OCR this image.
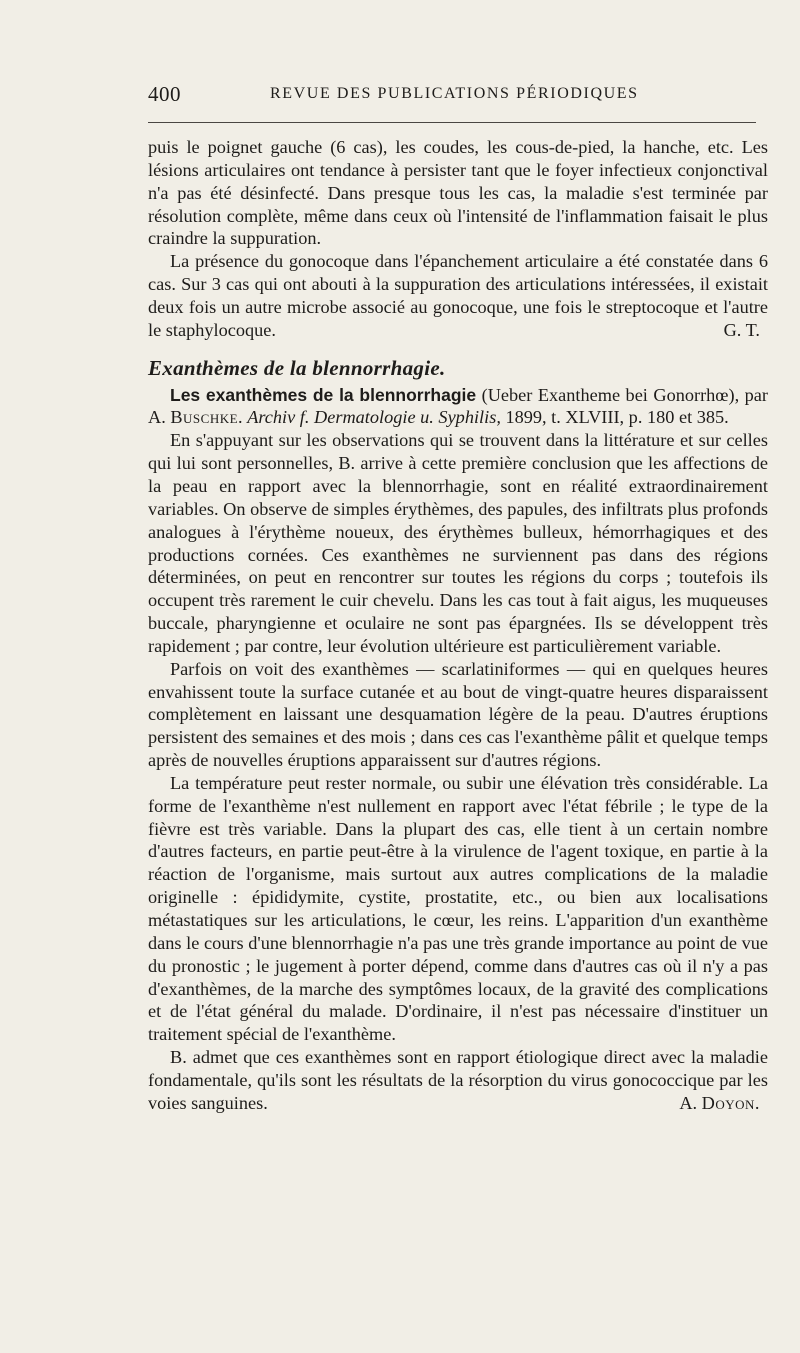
400	REVUE DES PUBLICATIONS PÉRIODIQUES

puis le poignet gauche (6 cas), les coudes, les cous-de-pied, la hanche, etc. Les lésions articulaires ont tendance à persister tant que le foyer infectieux conjonctival n'a pas été désinfecté. Dans presque tous les cas, la maladie s'est terminée par résolution complète, même dans ceux où l'intensité de l'inflammation faisait le plus craindre la suppuration.

La présence du gonocoque dans l'épanchement articulaire a été constatée dans 6 cas. Sur 3 cas qui ont abouti à la suppuration des articulations intéressées, il existait deux fois un autre microbe associé au gonocoque, une fois le streptocoque et l'autre le staphylocoque.	G. T.

Exanthèmes de la blennorrhagie.

Les exanthèmes de la blennorrhagie (Ueber Exantheme bei Gonorrhœ), par A. Buschke. Archiv f. Dermatologie u. Syphilis, 1899, t. XLVIII, p. 180 et 385.

En s'appuyant sur les observations qui se trouvent dans la littérature et sur celles qui lui sont personnelles, B. arrive à cette première conclusion que les affections de la peau en rapport avec la blennorrhagie, sont en réalité extraordinairement variables. On observe de simples érythèmes, des papules, des infiltrats plus profonds analogues à l'érythème noueux, des érythèmes bulleux, hémorrhagiques et des productions cornées. Ces exanthèmes ne surviennent pas dans des régions déterminées, on peut en rencontrer sur toutes les régions du corps ; toutefois ils occupent très rarement le cuir chevelu. Dans les cas tout à fait aigus, les muqueuses buccale, pharyngienne et oculaire ne sont pas épargnées. Ils se développent très rapidement ; par contre, leur évolution ultérieure est particulièrement variable.

Parfois on voit des exanthèmes — scarlatiniformes — qui en quelques heures envahissent toute la surface cutanée et au bout de vingt-quatre heures disparaissent complètement en laissant une desquamation légère de la peau. D'autres éruptions persistent des semaines et des mois ; dans ces cas l'exanthème pâlit et quelque temps après de nouvelles éruptions apparaissent sur d'autres régions.

La température peut rester normale, ou subir une élévation très considérable. La forme de l'exanthème n'est nullement en rapport avec l'état fébrile ; le type de la fièvre est très variable. Dans la plupart des cas, elle tient à un certain nombre d'autres facteurs, en partie peut-être à la virulence de l'agent toxique, en partie à la réaction de l'organisme, mais surtout aux autres complications de la maladie originelle : épididymite, cystite, prostatite, etc., ou bien aux localisations métastatiques sur les articulations, le cœur, les reins. L'apparition d'un exanthème dans le cours d'une blennorrhagie n'a pas une très grande importance au point de vue du pronostic ; le jugement à porter dépend, comme dans d'autres cas où il n'y a pas d'exanthèmes, de la marche des symptômes locaux, de la gravité des complications et de l'état général du malade. D'ordinaire, il n'est pas nécessaire d'instituer un traitement spécial de l'exanthème.

B. admet que ces exanthèmes sont en rapport étiologique direct avec la maladie fondamentale, qu'ils sont les résultats de la résorption du virus gonococcique par les voies sanguines.	A. Doyon.
